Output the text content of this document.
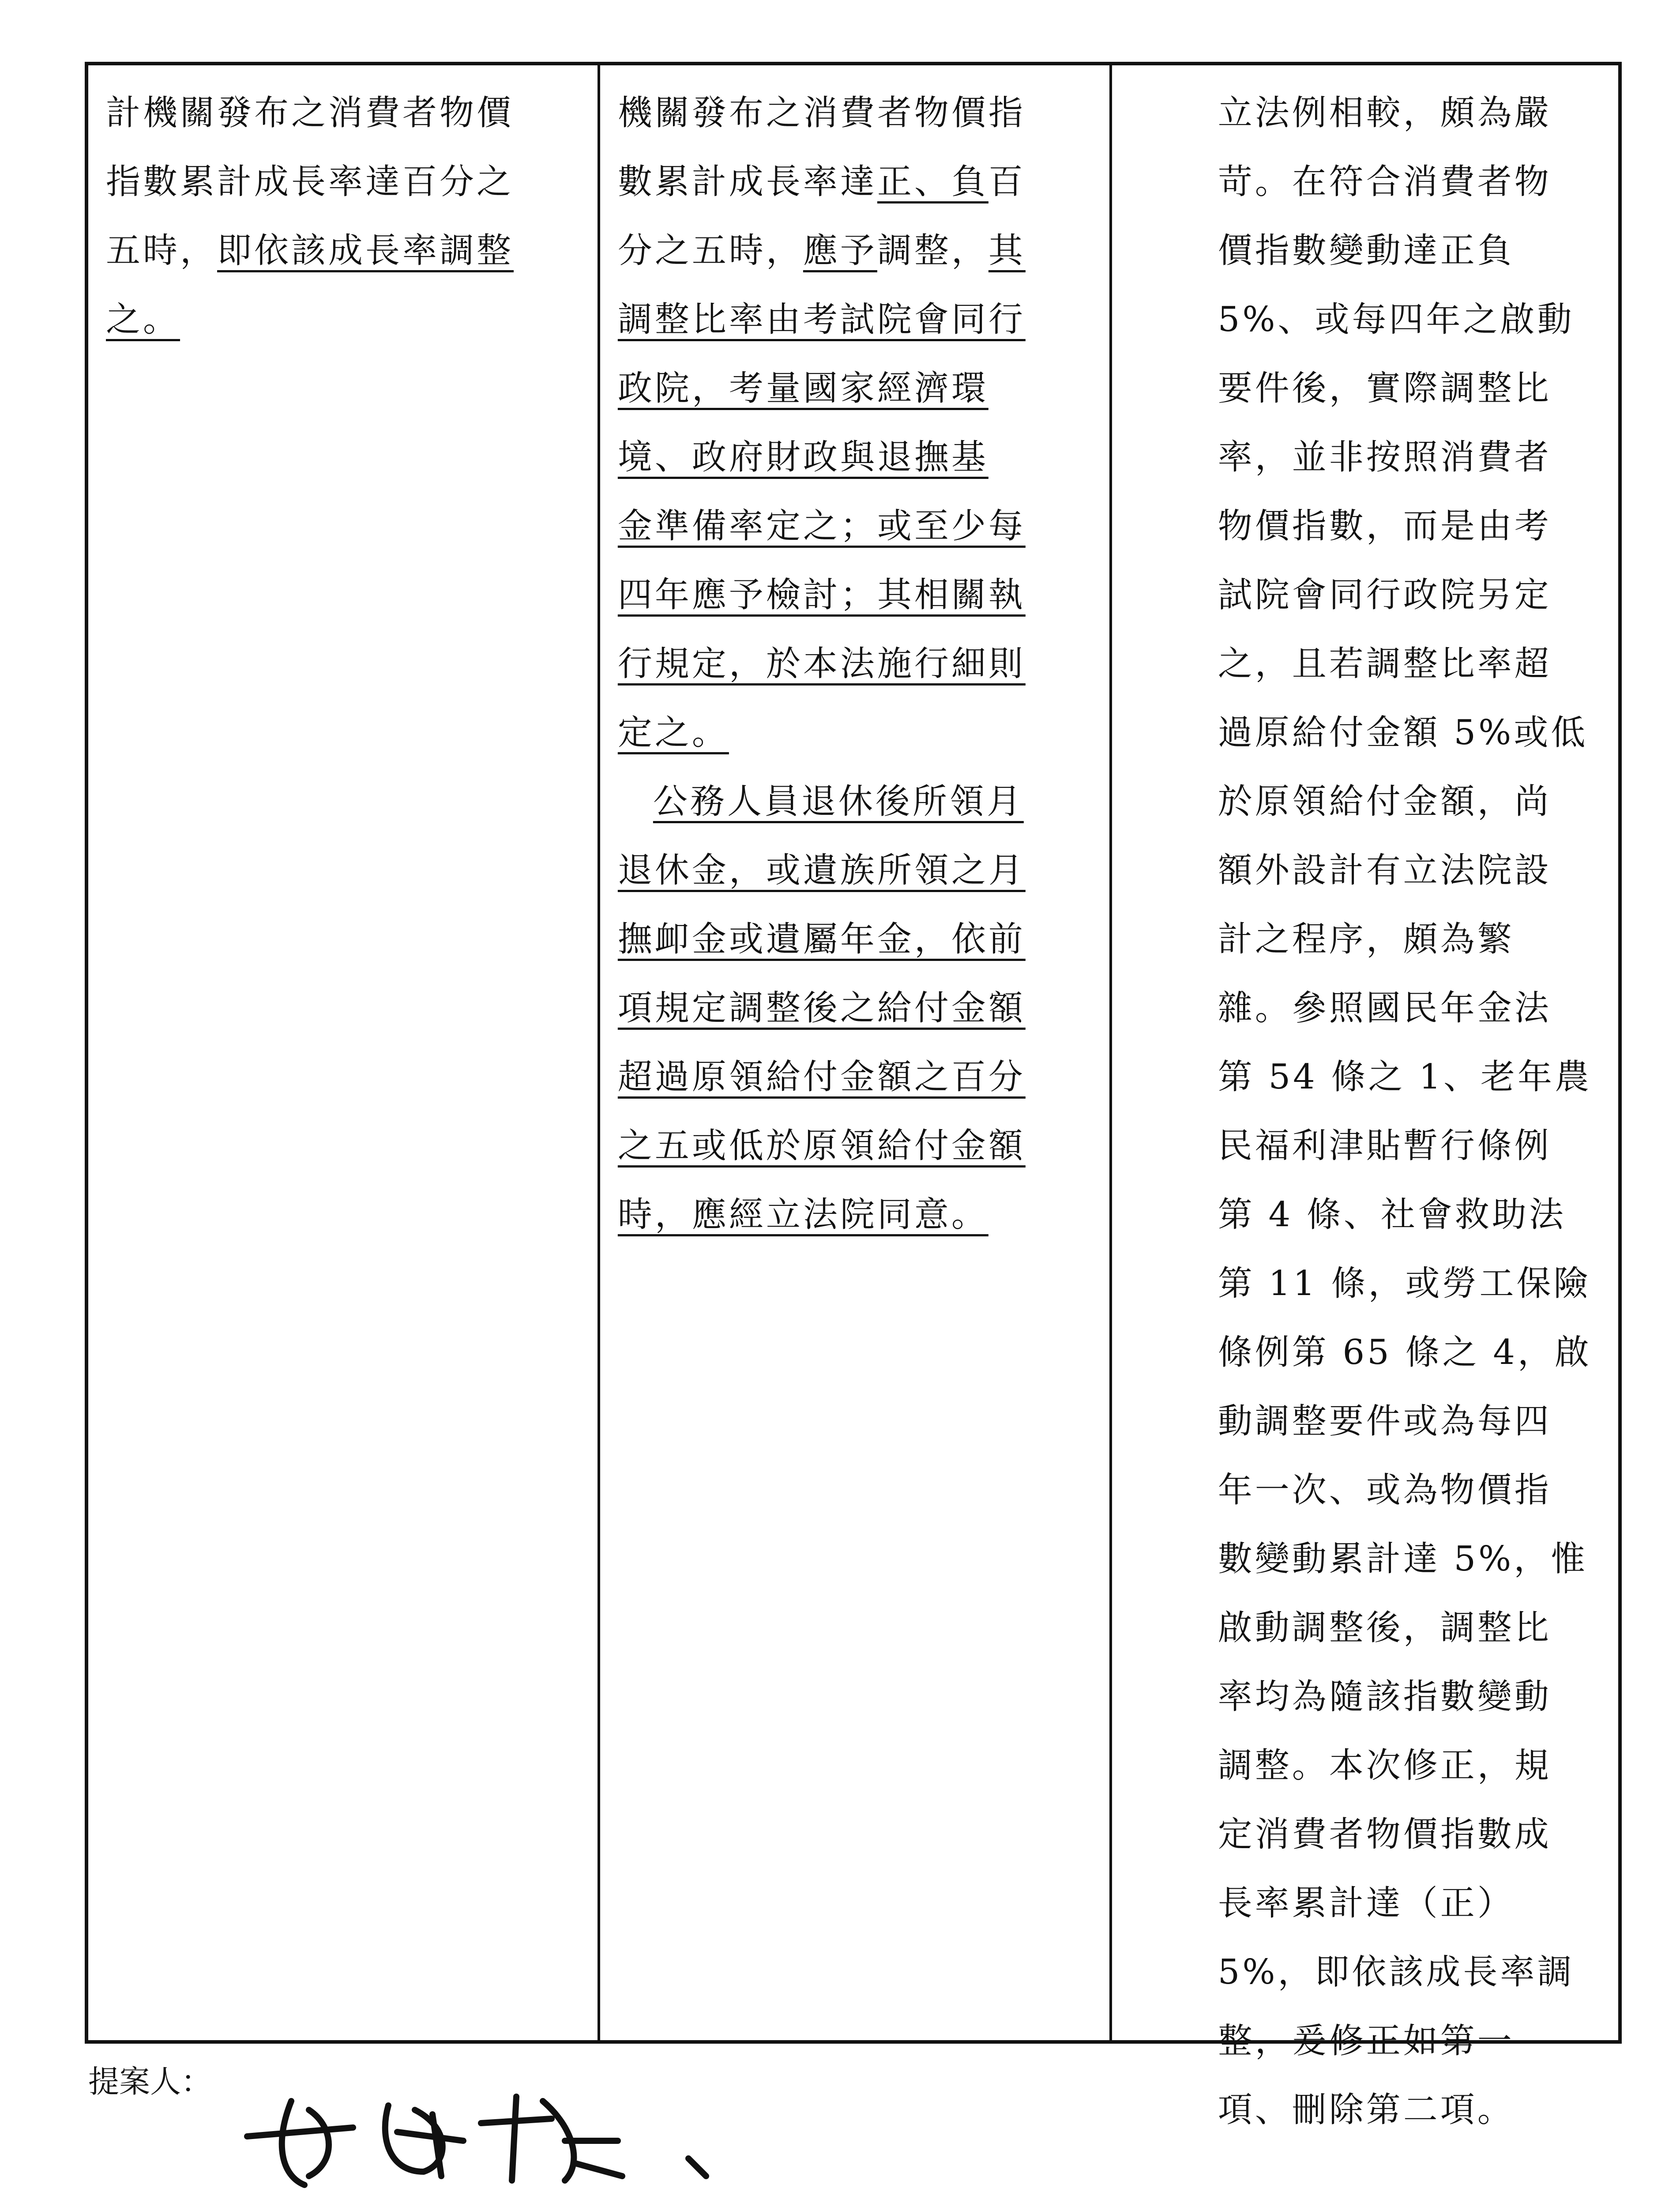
計機關發布之消費者物價
指數累計成長率達百分之
五時，即依該成長率調整
之。
機關發布之消費者物價指
數累計成長率達正、負百
分之五時，應予調整，其
調整比率由考試院會同行
政院，考量國家經濟環
境、政府財政與退撫基
金準備率定之；或至少每
四年應予檢討；其相關執
行規定，於本法施行細則
定之。
公務人員退休後所領月
退休金，或遺族所領之月
撫卹金或遺屬年金，依前
項規定調整後之給付金額
超過原領給付金額之百分
之五或低於原領給付金額
時，應經立法院同意。
立法例相較，頗為嚴
苛。在符合消費者物
價指數變動達正負
5%、或每四年之啟動
要件後，實際調整比
率，並非按照消費者
物價指數，而是由考
試院會同行政院另定
之，且若調整比率超
過原給付金額 5%或低
於原領給付金額，尚
額外設計有立法院設
計之程序，頗為繁
雜。參照國民年金法
第 54 條之 1、老年農
民福利津貼暫行條例
第 4 條、社會救助法
第 11 條，或勞工保險
條例第 65 條之 4，啟
動調整要件或為每四
年一次、或為物價指
數變動累計達 5%，惟
啟動調整後，調整比
率均為隨該指數變動
調整。本次修正，規
定消費者物價指數成
長率累計達（正）
5%，即依該成長率調
整，爰修正如第一
項、刪除第二項。
提案人：
